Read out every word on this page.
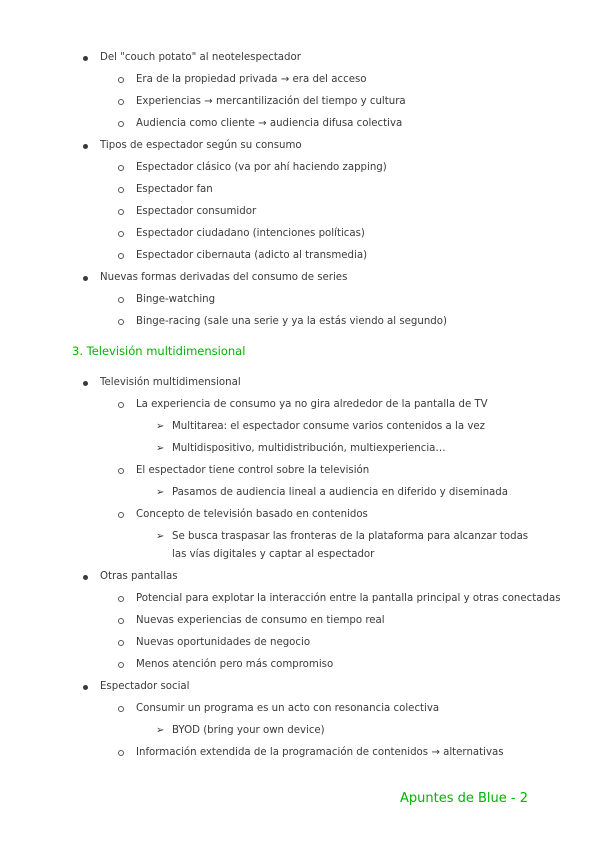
Del "couch potato" al neotelespectador
Era de la propiedad privada → era del acceso
Experiencias → mercantilización del tiempo y cultura
Audiencia como cliente → audiencia difusa colectiva
Tipos de espectador según su consumo
Espectador clásico (va por ahí haciendo zapping)
Espectador fan
Espectador consumidor
Espectador ciudadano (intenciones políticas)
Espectador cibernauta (adicto al transmedia)
Nuevas formas derivadas del consumo de series
Binge-watching
Binge-racing (sale una serie y ya la estás viendo al segundo)
3. Televisión multidimensional
Televisión multidimensional
La experiencia de consumo ya no gira alrededor de la pantalla de TV
➢ Multitarea: el espectador consume varios contenidos a la vez
➢ Multidispositivo, multidistribución, multiexperiencia…
El espectador tiene control sobre la televisión
➢ Pasamos de audiencia lineal a audiencia en diferido y diseminada
Concepto de televisión basado en contenidos
➢ Se busca traspasar las fronteras de la plataforma para alcanzar todas las vías digitales y captar al espectador
Otras pantallas
Potencial para explotar la interacción entre la pantalla principal y otras conectadas
Nuevas experiencias de consumo en tiempo real
Nuevas oportunidades de negocio
Menos atención pero más compromiso
Espectador social
Consumir un programa es un acto con resonancia colectiva
➢ BYOD (bring your own device)
Información extendida de la programación de contenidos → alternativas
Apuntes de Blue - 2
